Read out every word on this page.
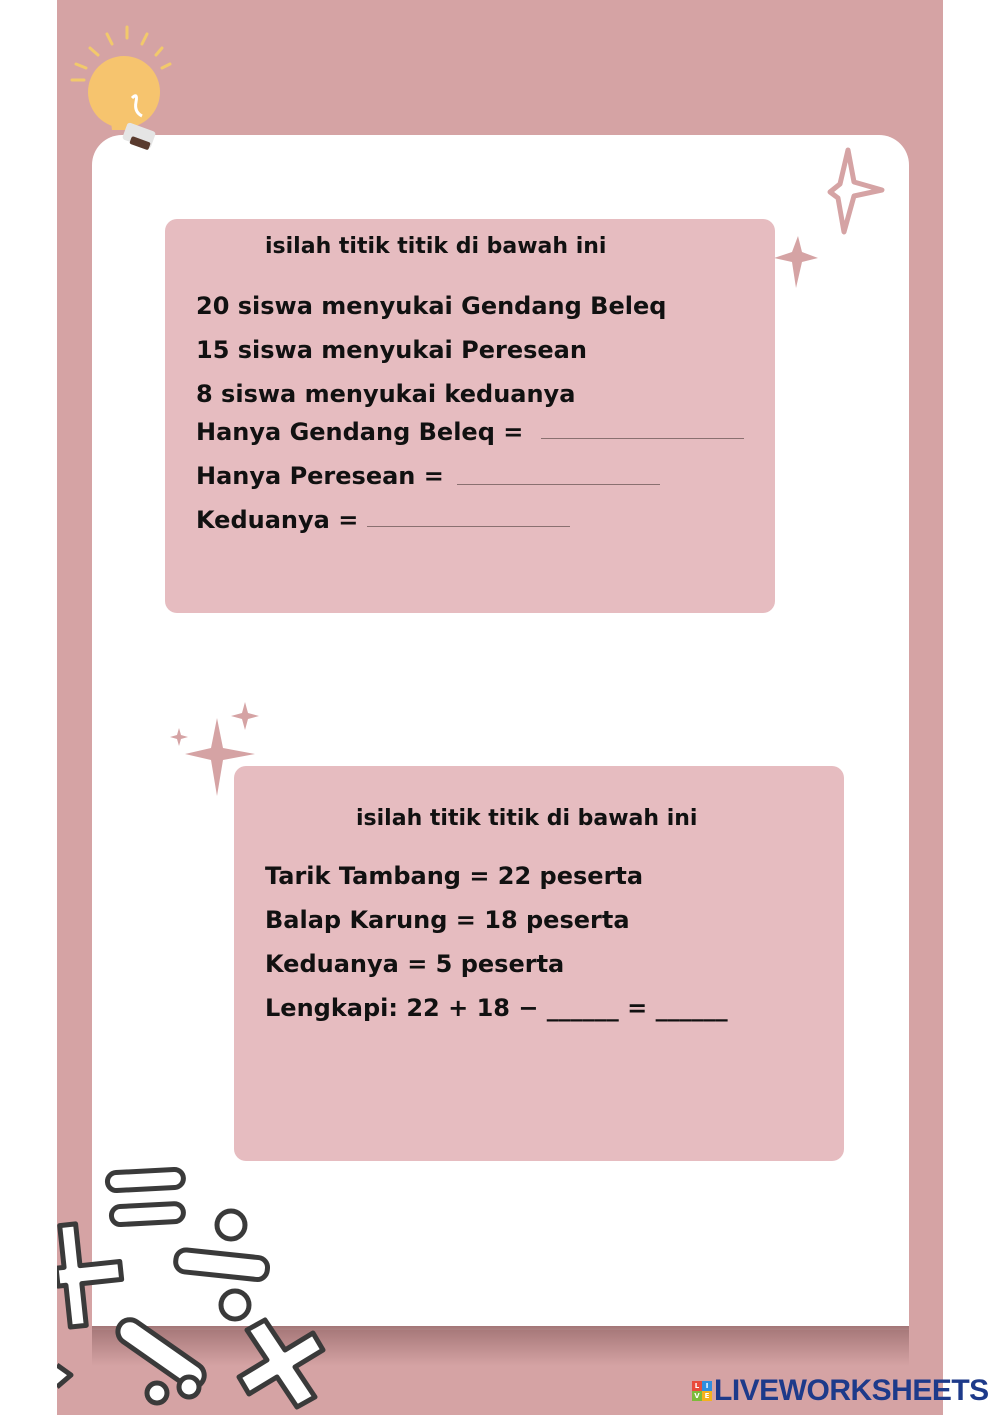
isilah titik titik di bawah ini
20 siswa menyukai Gendang Beleq
15 siswa menyukai Peresean
8 siswa menyukai keduanya
Hanya Gendang Beleq =
Hanya Peresean =
Keduanya =
isilah titik titik di bawah ini
Tarik Tambang = 22 peserta
Balap Karung = 18 peserta
Keduanya = 5 peserta
Lengkapi: 22 + 18 − ______ = ______
L I
V E LIVEWORKSHEETS
